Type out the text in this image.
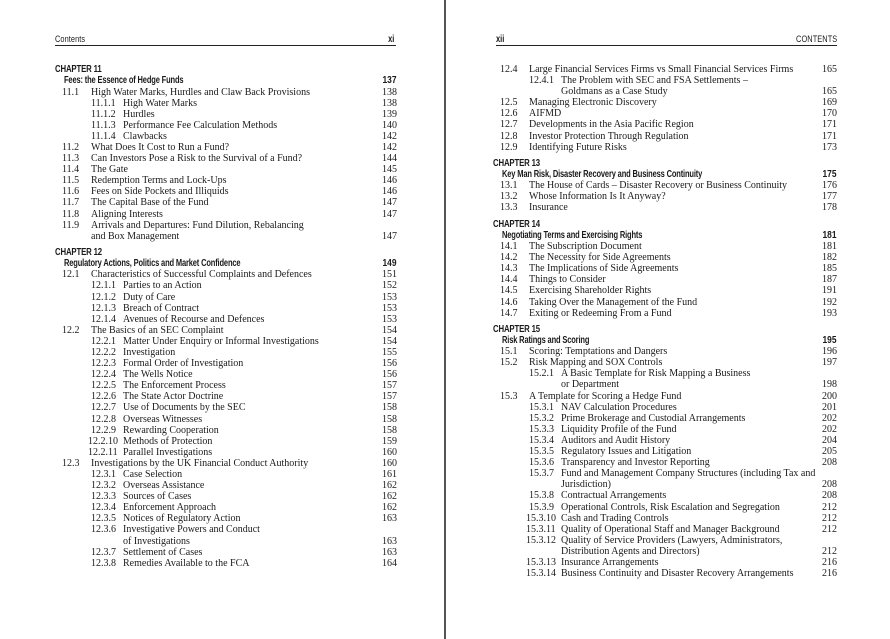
Contents	xi
CHAPTER 11
Fees: the Essence of Hedge Funds	137
11.1 High Water Marks, Hurdles and Claw Back Provisions	138
11.1.1 High Water Marks	138
11.1.2 Hurdles	139
11.1.3 Performance Fee Calculation Methods	140
11.1.4 Clawbacks	142
11.2 What Does It Cost to Run a Fund?	142
11.3 Can Investors Pose a Risk to the Survival of a Fund?	144
11.4 The Gate	145
11.5 Redemption Terms and Lock-Ups	146
11.6 Fees on Side Pockets and Illiquids	146
11.7 The Capital Base of the Fund	147
11.8 Aligning Interests	147
11.9 Arrivals and Departures: Fund Dilution, Rebalancing
and Box Management	147
CHAPTER 12
Regulatory Actions, Politics and Market Confidence	149
12.1 Characteristics of Successful Complaints and Defences	151
12.1.1 Parties to an Action	152
12.1.2 Duty of Care	153
12.1.3 Breach of Contract	153
12.1.4 Avenues of Recourse and Defences	153
12.2 The Basics of an SEC Complaint	154
12.2.1 Matter Under Enquiry or Informal Investigations	154
12.2.2 Investigation	155
12.2.3 Formal Order of Investigation	156
12.2.4 The Wells Notice	156
12.2.5 The Enforcement Process	157
12.2.6 The State Actor Doctrine	157
12.2.7 Use of Documents by the SEC	158
12.2.8 Overseas Witnesses	158
12.2.9 Rewarding Cooperation	158
12.2.10 Methods of Protection	159
12.2.11 Parallel Investigations	160
12.3 Investigations by the UK Financial Conduct Authority	160
12.3.1 Case Selection	161
12.3.2 Overseas Assistance	162
12.3.3 Sources of Cases	162
12.3.4 Enforcement Approach	162
12.3.5 Notices of Regulatory Action	163
12.3.6 Investigative Powers and Conduct
of Investigations	163
12.3.7 Settlement of Cases	163
12.3.8 Remedies Available to the FCA	164
xii	CONTENTS
12.4 Large Financial Services Firms vs Small Financial Services Firms	165
12.4.1 The Problem with SEC and FSA Settlements –
Goldmans as a Case Study	165
12.5 Managing Electronic Discovery	169
12.6 AIFMD	170
12.7 Developments in the Asia Pacific Region	171
12.8 Investor Protection Through Regulation	171
12.9 Identifying Future Risks	173
CHAPTER 13
Key Man Risk, Disaster Recovery and Business Continuity	175
13.1 The House of Cards – Disaster Recovery or Business Continuity	176
13.2 Whose Information Is It Anyway?	177
13.3 Insurance	178
CHAPTER 14
Negotiating Terms and Exercising Rights	181
14.1 The Subscription Document	181
14.2 The Necessity for Side Agreements	182
14.3 The Implications of Side Agreements	185
14.4 Things to Consider	187
14.5 Exercising Shareholder Rights	191
14.6 Taking Over the Management of the Fund	192
14.7 Exiting or Redeeming From a Fund	193
CHAPTER 15
Risk Ratings and Scoring	195
15.1 Scoring: Temptations and Dangers	196
15.2 Risk Mapping and SOX Controls	197
15.2.1 A Basic Template for Risk Mapping a Business
or Department	198
15.3 A Template for Scoring a Hedge Fund	200
15.3.1 NAV Calculation Procedures	201
15.3.2 Prime Brokerage and Custodial Arrangements	202
15.3.3 Liquidity Profile of the Fund	202
15.3.4 Auditors and Audit History	204
15.3.5 Regulatory Issues and Litigation	205
15.3.6 Transparency and Investor Reporting	208
15.3.7 Fund and Management Company Structures (including Tax and
Jurisdiction)	208
15.3.8 Contractual Arrangements	208
15.3.9 Operational Controls, Risk Escalation and Segregation	212
15.3.10 Cash and Trading Controls	212
15.3.11 Quality of Operational Staff and Manager Background	212
15.3.12 Quality of Service Providers (Lawyers, Administrators,
Distribution Agents and Directors)	212
15.3.13 Insurance Arrangements	216
15.3.14 Business Continuity and Disaster Recovery Arrangements	216
